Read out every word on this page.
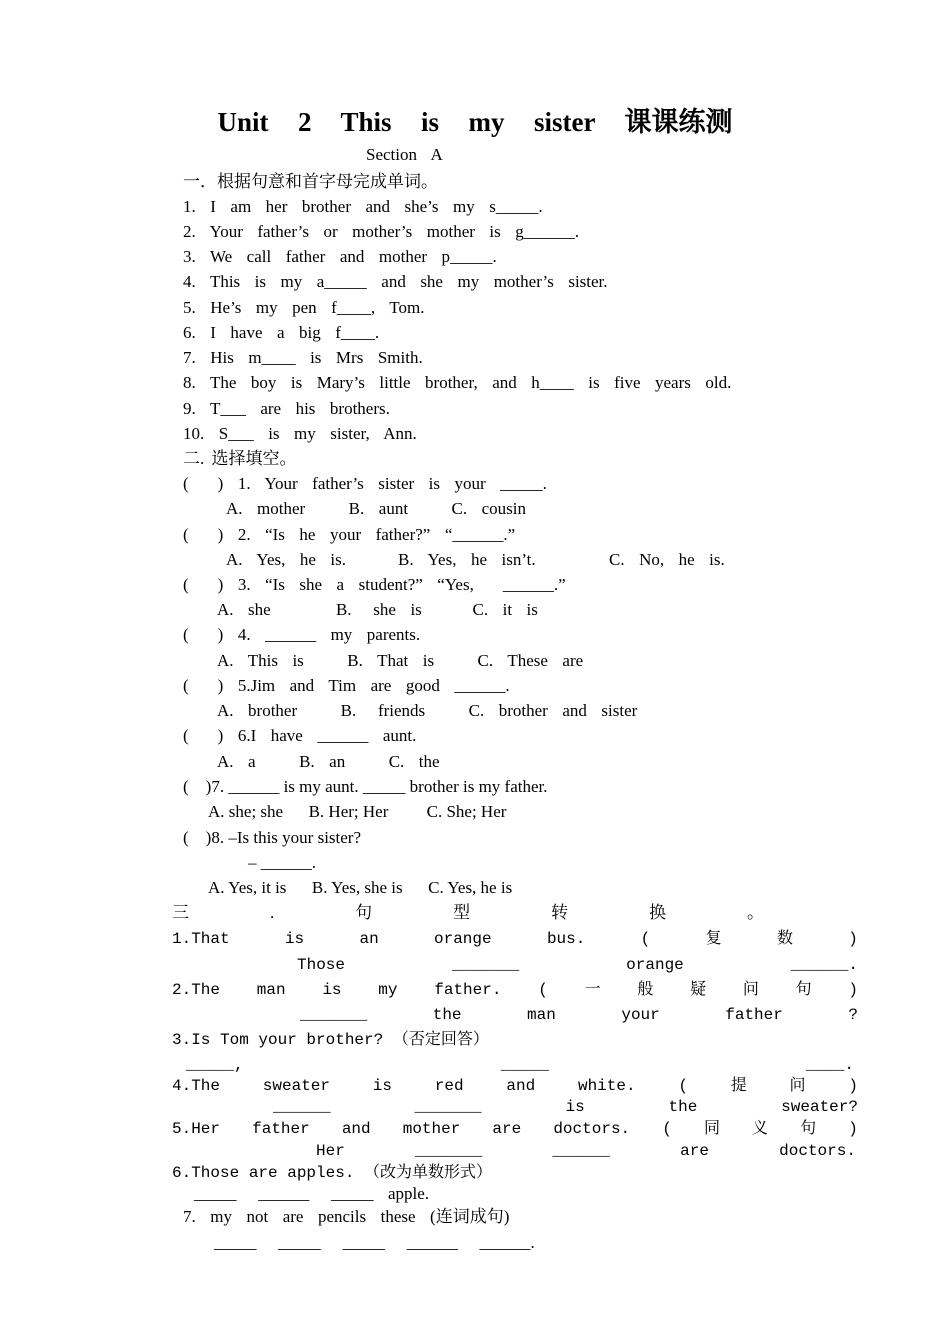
Unit  2  This  is  my  sister  课课练测
Section  A
一．根据句意和首字母完成单词。
1.  I  am  her  brother  and  she’s  my  s_____.
2.  Your  father’s  or  mother’s  mother  is  g______.
3.  We  call  father  and  mother  p_____.
4.  This  is  my  a_____  and  she  my  mother’s  sister.
5.  He’s  my  pen  f____,  Tom.
6.  I  have  a  big  f____.
7.  His  m____  is  Mrs  Smith.
8.  The  boy  is  Mary’s  little  brother,  and  h____  is  five  years  old.
9.  T___  are  his  brothers.
10.  S___  is  my  sister,  Ann.
二. 选择填空。
(    )  1.  Your  father’s  sister  is  your  _____.
A.  mother      B.  aunt      C.  cousin
(    )  2.  “Is  he  your  father?”  “______.”
A.  Yes,  he  is.	B.  Yes,  he  isn’t.	C.  No,  he  is.
(    )  3.  “Is  she  a  student?”  “Yes,    ______.”
A.  she         B.   she  is       C.  it  is
(    )  4.  ______  my  parents.
A.  This  is      B.  That  is      C.  These  are
(    )  5.Jim  and  Tim  are  good  ______.
A.  brother      B.   friends      C.  brother  and  sister
(    )  6.I  have  ______  aunt.
A.  a      B.  an      C.  the
(    )7. ______ is my aunt. _____ brother is my father.
A. she; she      B. Her; Her         C. She; Her
(    )8. –Is this your sister?
– ______.
A. Yes, it is      B. Yes, she is      C. Yes, he is
三	.	句	型	转	换	。
1.That	is	an	orange	bus.	(	复	数	)
Those	_______	orange	______.
2.The man is my father. ( 一 般 疑 问 句 )
_______	the	man	your	father	?
3.Is Tom your brother? （否定回答）
_____,	_____	____.
4.The	sweater	is	red	and	white.	(	提	问	)
______	_______	is	the	sweater?
5.Her father and mother are doctors. ( 同 义 句 )
Her	_______	______	are	doctors.
6.Those are apples. （改为单数形式）
_____   ______   _____  apple.
7.  my  not  are  pencils  these  (连词成句)
_____   _____   _____   ______   ______.
